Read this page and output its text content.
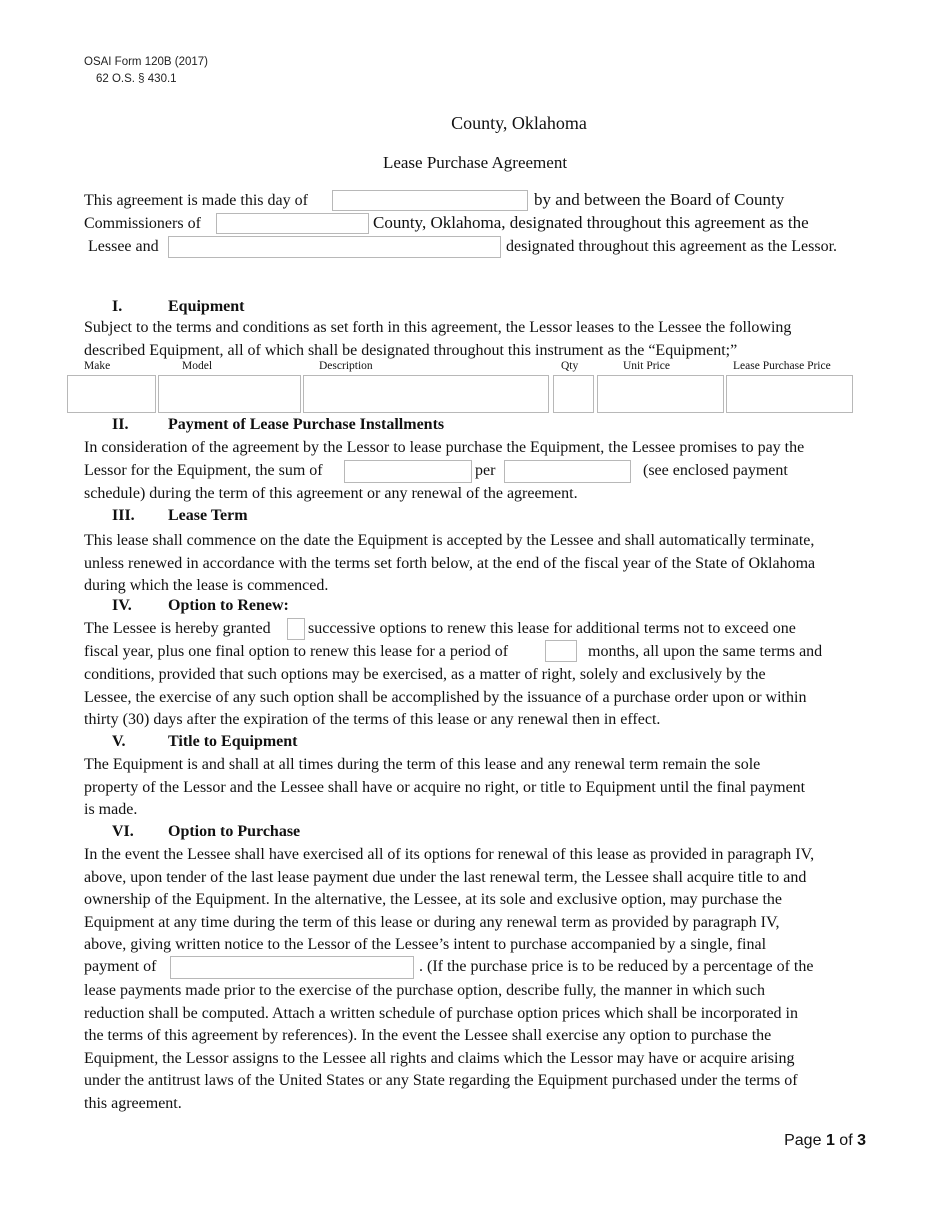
OSAI Form 120B (2017)
62 O.S. § 430.1
County, Oklahoma
Lease Purchase Agreement
This agreement is made this day of	by and between the Board of County
Commissioners of	County, Oklahoma, designated throughout this agreement as the
Lessee and	designated throughout this agreement as the Lessor.
I.	Equipment

Subject to the terms and conditions as set forth in this agreement, the Lessor leases to the Lessee the following

described Equipment, all of which shall be designated throughout this instrument as the “Equipment;”

Make	Model	Description	Qty	Unit Price	Lease Purchase Price
II. Payment of Lease Purchase Installments
In consideration of the agreement by the Lessor to lease purchase the Equipment, the Lessee promises to pay the
Lessor for the Equipment, the sum of	per	(see enclosed payment
schedule) during the term of this agreement or any renewal of the agreement.
III. Lease Term

This lease shall commence on the date the Equipment is accepted by the Lessee and shall automatically terminate,

unless renewed in accordance with the terms set forth below, at the end of the fiscal year of the State of Oklahoma

during which the lease is commenced.

IV. Option to Renew:
The Lessee is hereby granted successive options to renew this lease for additional terms not to exceed one
fiscal year, plus one final option to renew this lease for a period of	months, all upon the same terms and

conditions, provided that such options may be exercised, as a matter of right, solely and exclusively by the

Lessee, the exercise of any such option shall be accomplished by the issuance of a purchase order upon or within

thirty (30) days after the expiration of the terms of this lease or any renewal then in effect.

V.	Title to Equipment

The Equipment is and shall at all times during the term of this lease and any renewal term remain the sole

property of the Lessor and the Lessee shall have or acquire no right, or title to Equipment until the final payment

is made.

VI. Option to Purchase

In the event the Lessee shall have exercised all of its options for renewal of this lease as provided in paragraph IV,

above, upon tender of the last lease payment due under the last renewal term, the Lessee shall acquire title to and

ownership of the Equipment. In the alternative, the Lessee, at its sole and exclusive option, may purchase the

Equipment at any time during the term of this lease or during any renewal term as provided by paragraph IV,

above, giving written notice to the Lessor of the Lessee’s intent to purchase accompanied by a single, final

payment of	. (If the purchase price is to be reduced by a percentage of the

lease payments made prior to the exercise of the purchase option, describe fully, the manner in which such

reduction shall be computed. Attach a written schedule of purchase option prices which shall be incorporated in

the terms of this agreement by references). In the event the Lessee shall exercise any option to purchase the

Equipment, the Lessor assigns to the Lessee all rights and claims which the Lessor may have or acquire arising

under the antitrust laws of the United States or any State regarding the Equipment purchased under the terms of

this agreement.

Page 1 of 3
